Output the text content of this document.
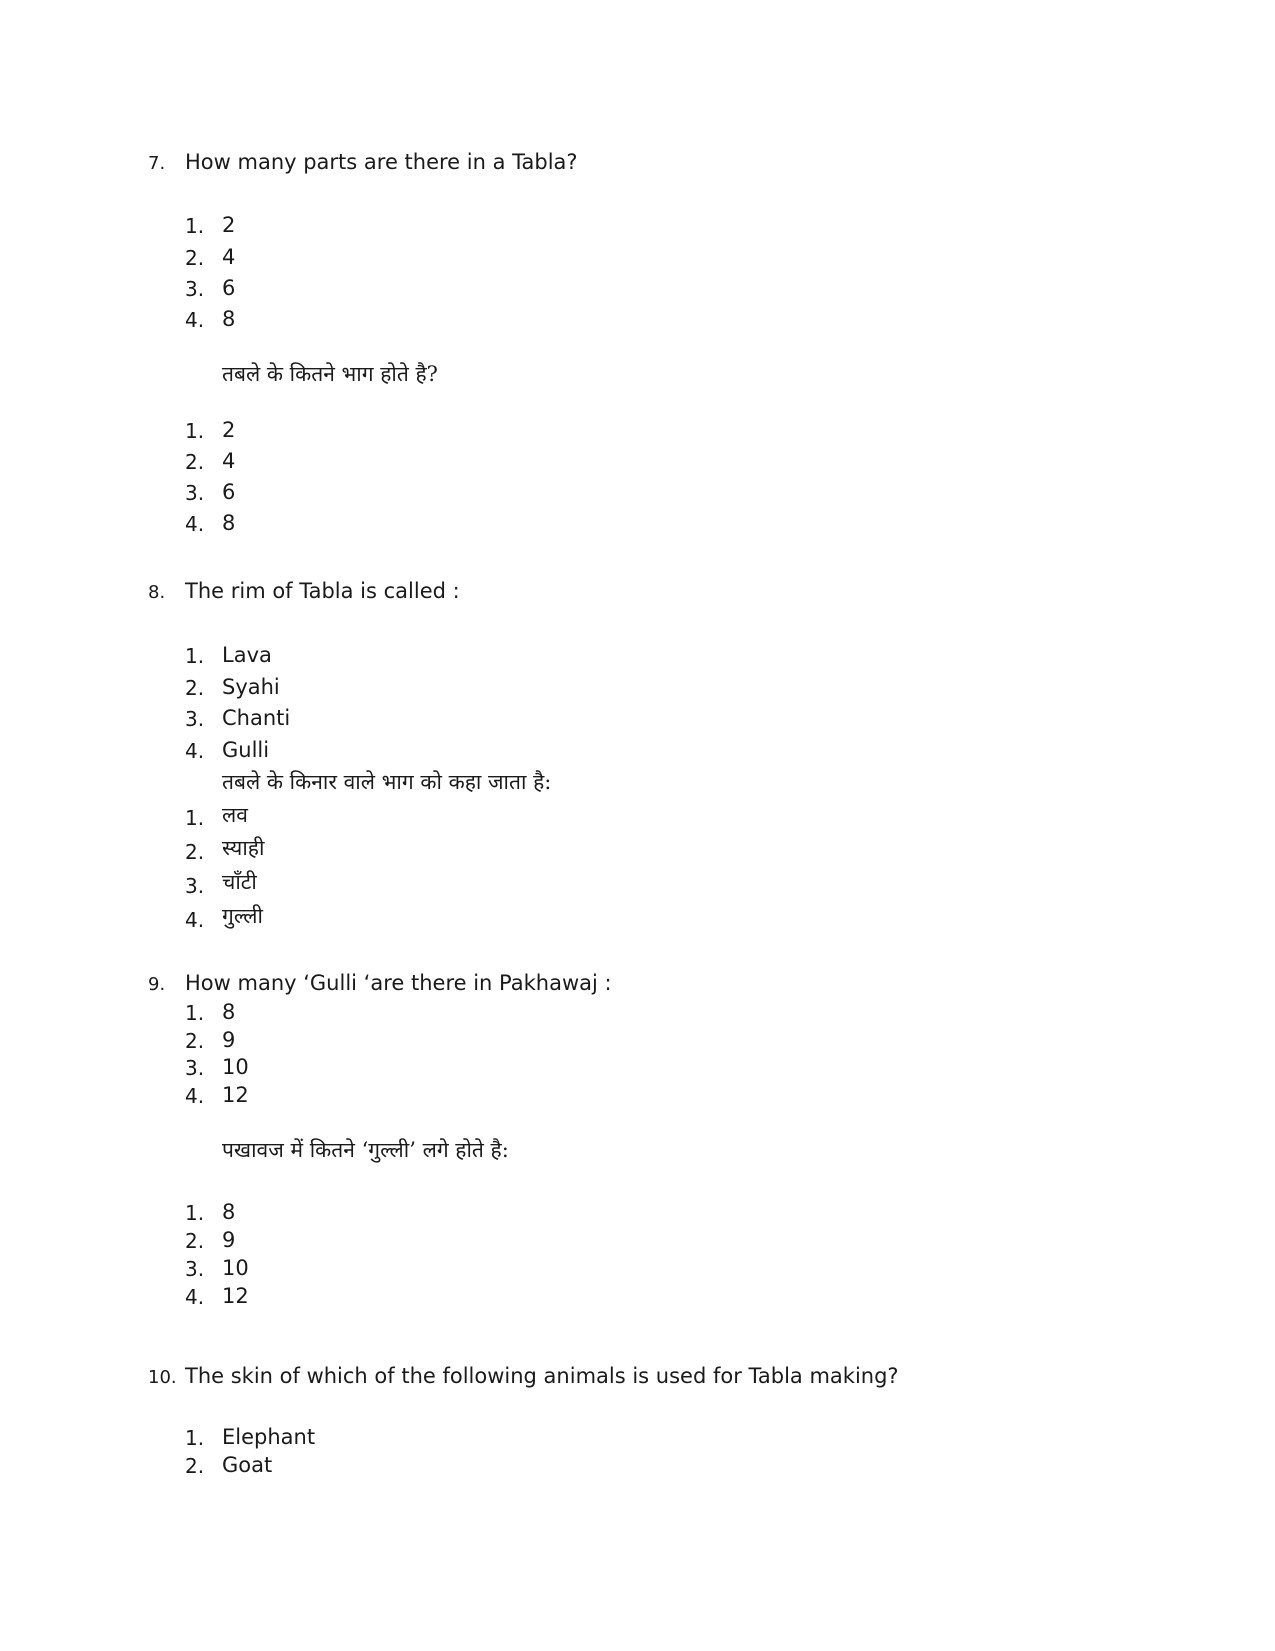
7. How many parts are there in a Tabla?
1. 2
2. 4
3. 6
4. 8
तबले के कितने भाग होते है?
1. 2
2. 4
3. 6
4. 8
8. The rim of Tabla is called :
1. Lava
2. Syahi
3. Chanti
4. Gulli
तबले के किनार वाले भाग को कहा जाता है:
1. लव
2. स्याही
3. चॉंटी
4. गुल्ली
9. How many ‘Gulli ‘are there in Pakhawaj :
1. 8
2. 9
3. 10
4. 12
पखावज में कितने ‘गुल्ली’ लगे होते है:
1. 8
2. 9
3. 10
4. 12
10. The skin of which of the following animals is used for Tabla making?
1. Elephant
2. Goat
